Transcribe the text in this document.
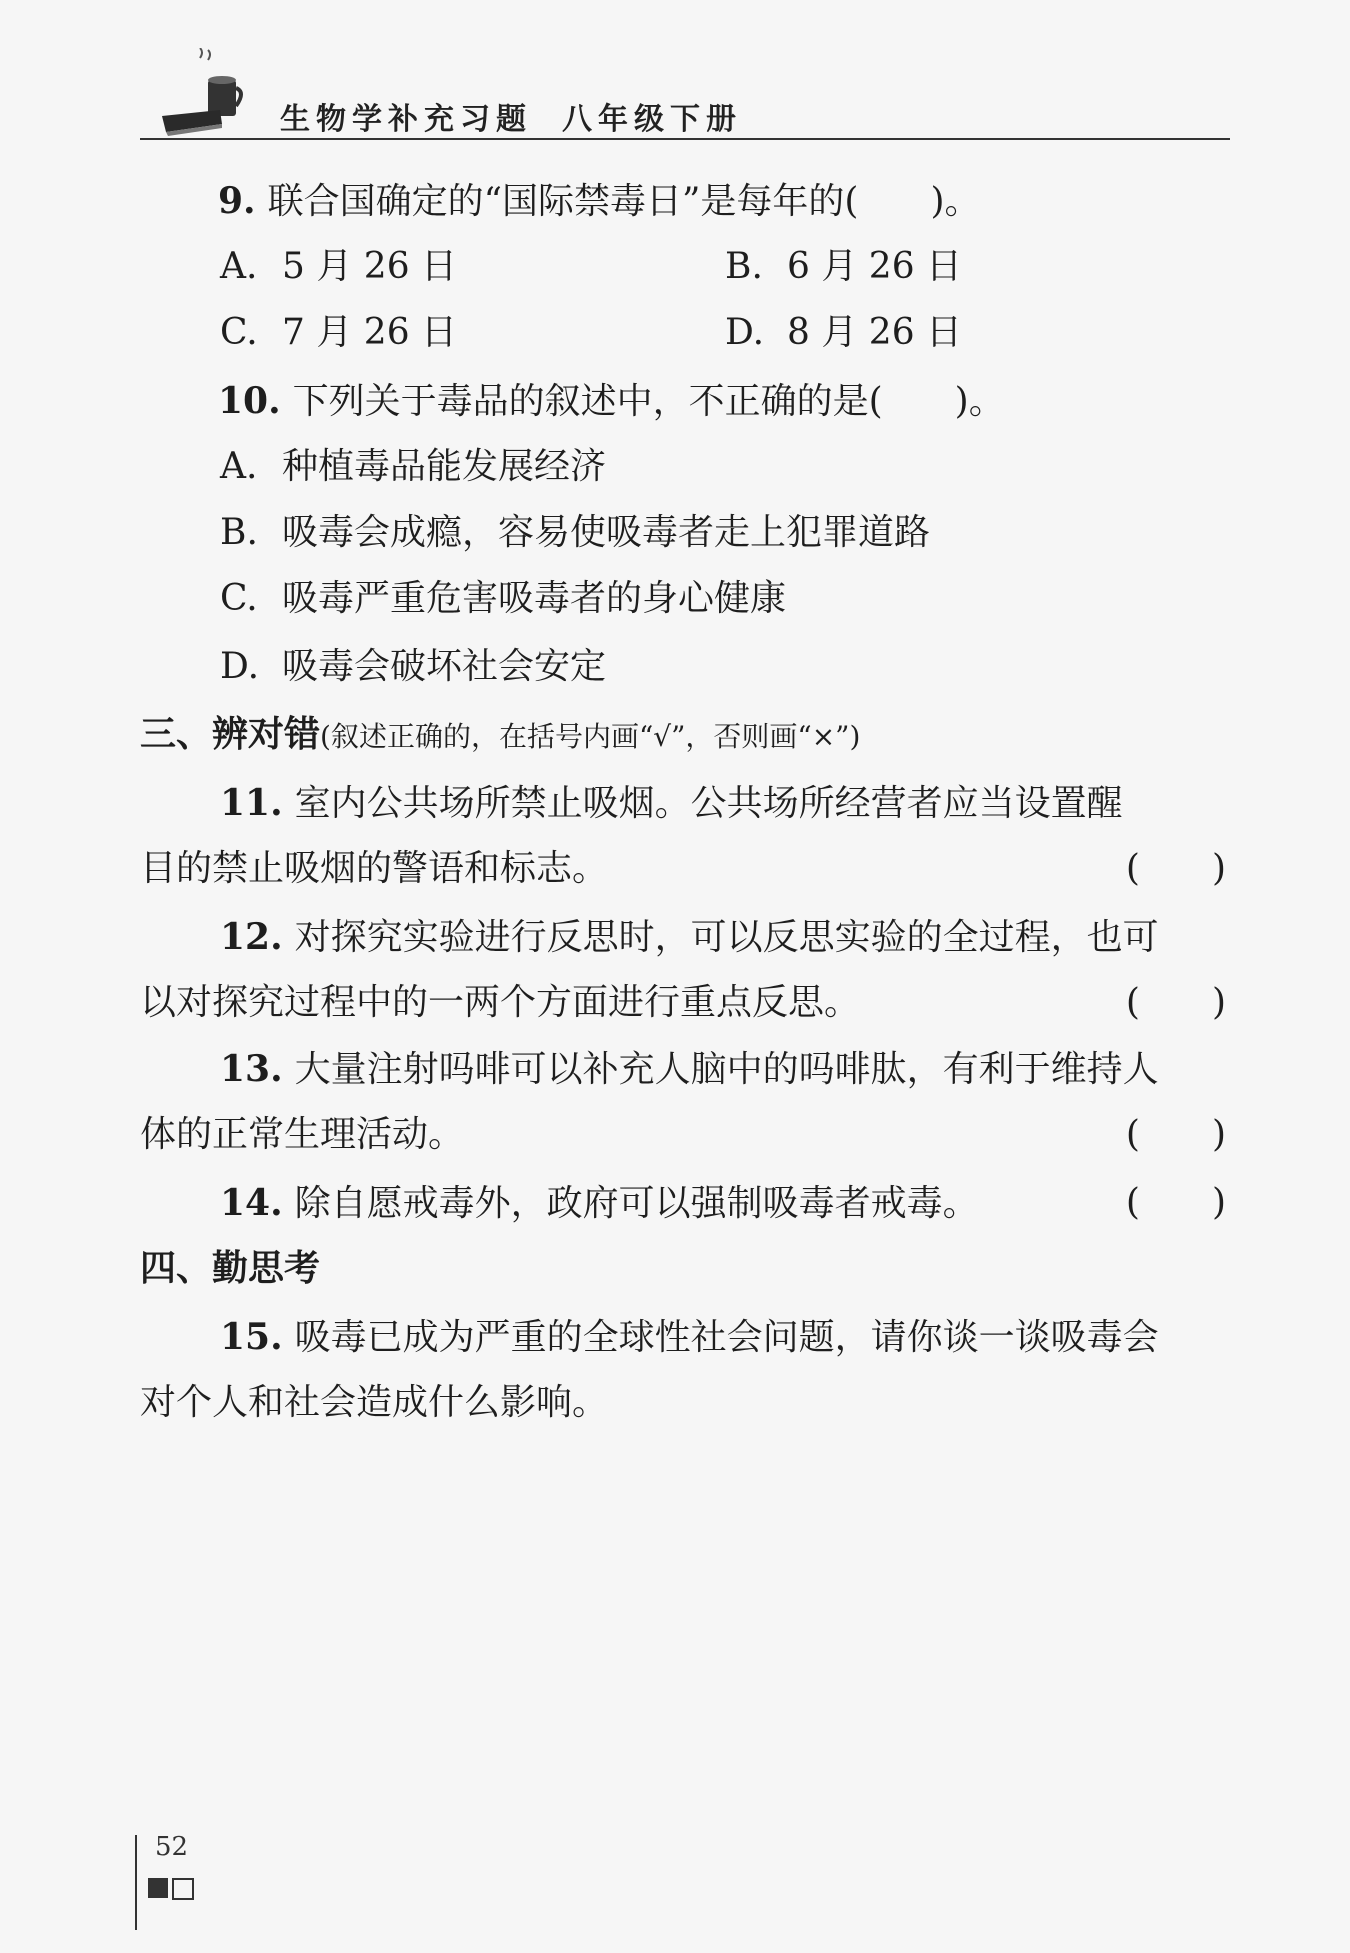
生物学补充习题 八年级下册
9. 联合国确定的“国际禁毒日”是每年的(　　)。
A. 5 月 26 日	B. 6 月 26 日
C. 7 月 26 日	D. 8 月 26 日
10. 下列关于毒品的叙述中，不正确的是(　　)。
A. 种植毒品能发展经济
B. 吸毒会成瘾，容易使吸毒者走上犯罪道路
C. 吸毒严重危害吸毒者的身心健康
D. 吸毒会破坏社会安定
三、辨对错(叙述正确的，在括号内画“√”，否则画“×”)
11. 室内公共场所禁止吸烟。公共场所经营者应当设置醒
目的禁止吸烟的警语和标志。	(　　)
12. 对探究实验进行反思时，可以反思实验的全过程，也可
以对探究过程中的一两个方面进行重点反思。	(　　)
13. 大量注射吗啡可以补充人脑中的吗啡肽，有利于维持人
体的正常生理活动。	(　　)
14. 除自愿戒毒外，政府可以强制吸毒者戒毒。	(　　)
四、勤思考
15. 吸毒已成为严重的全球性社会问题，请你谈一谈吸毒会
对个人和社会造成什么影响。
52
